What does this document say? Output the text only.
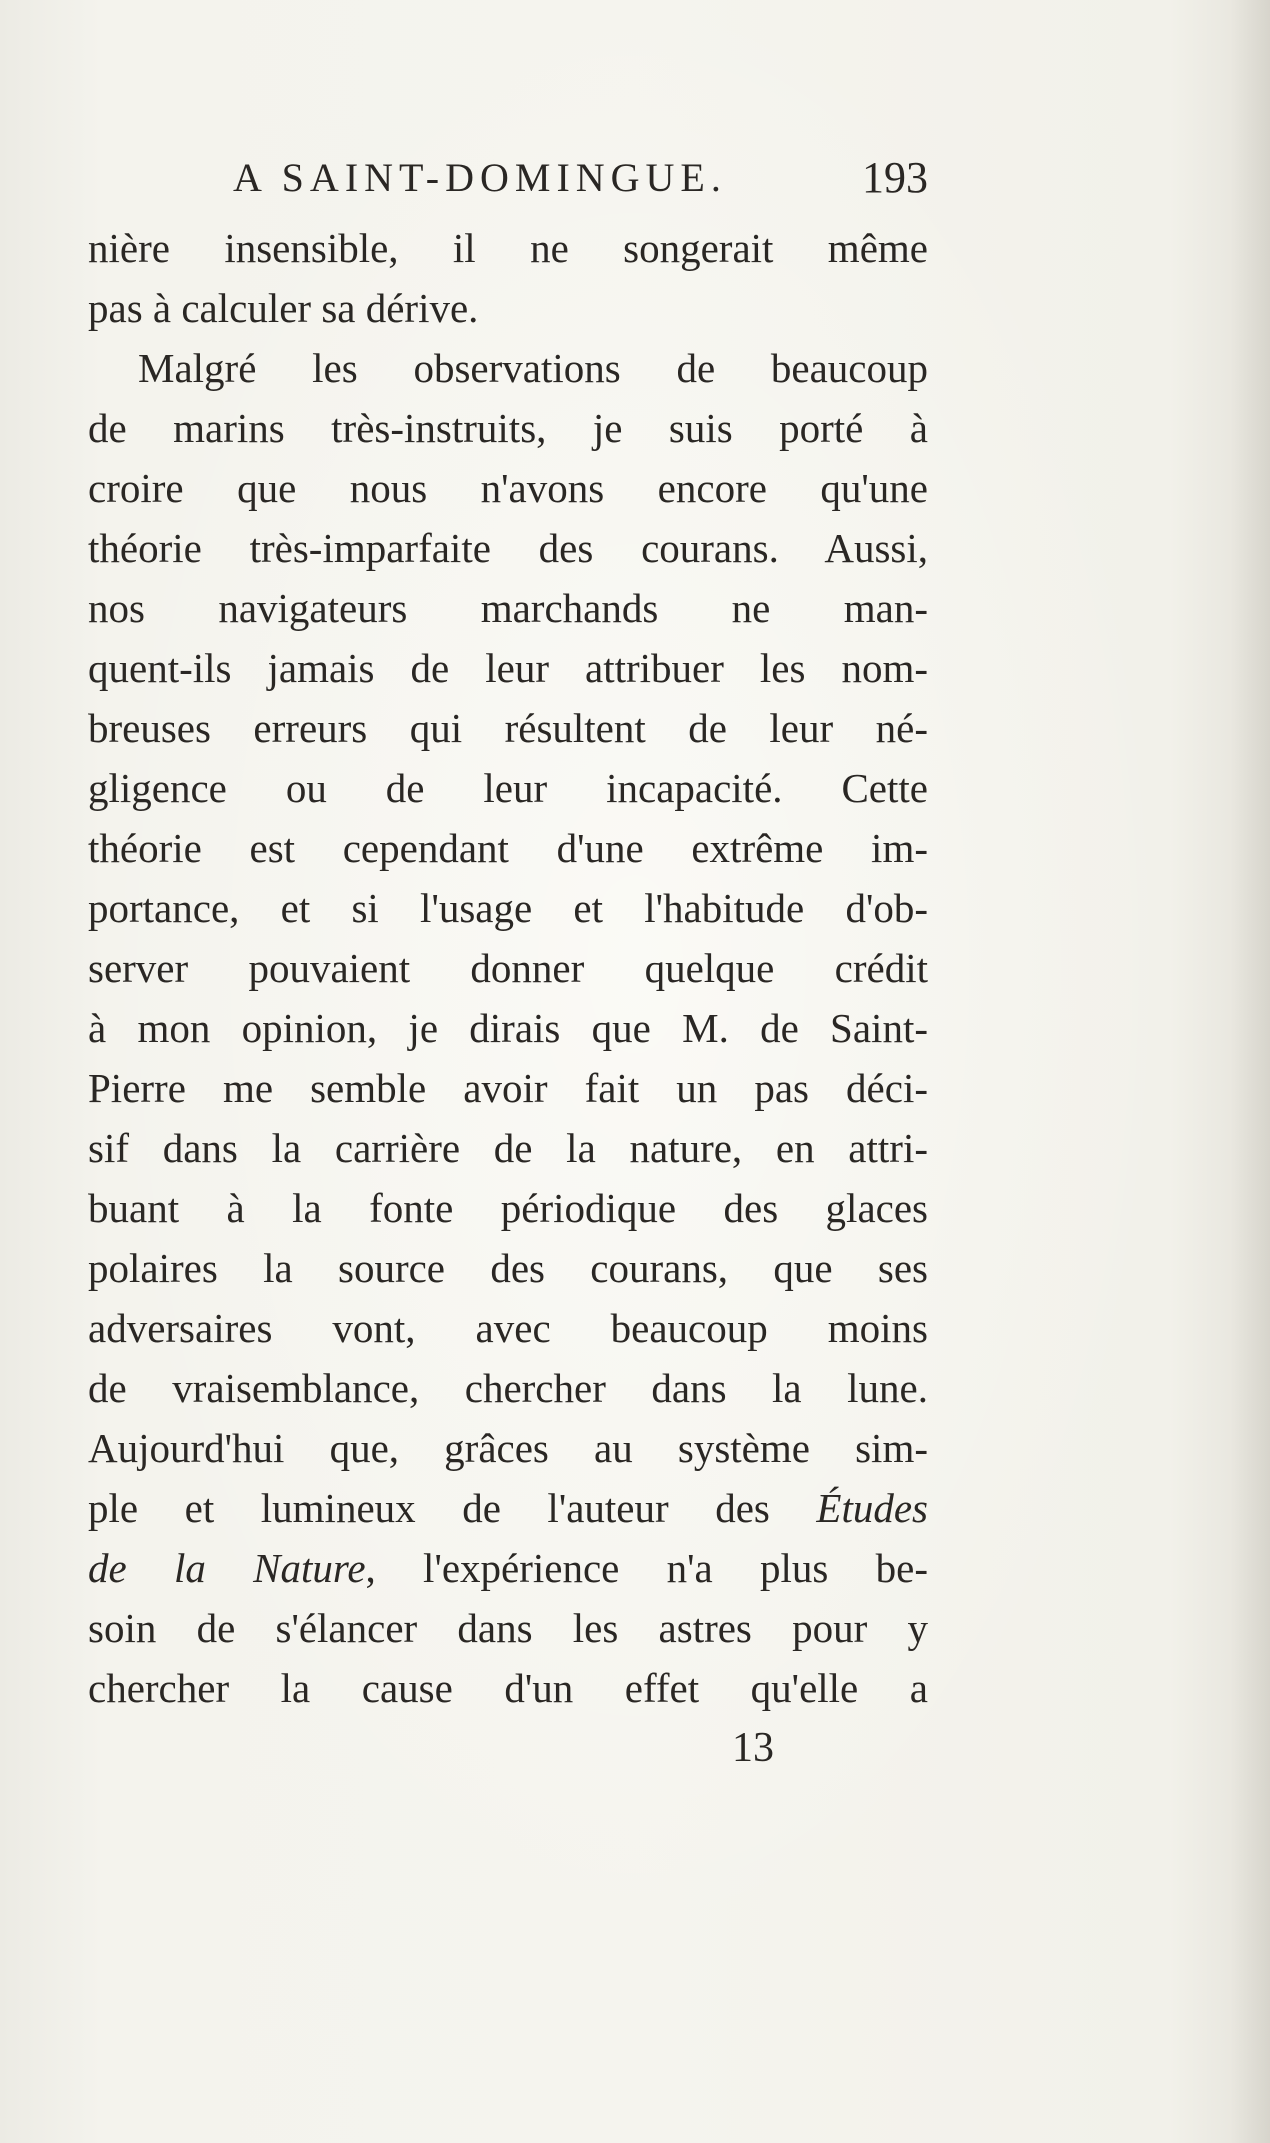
A SAINT-DOMINGUE.	193
nière insensible, il ne songerait même
pas à calculer sa dérive.
Malgré les observations de beaucoup
de marins très-instruits, je suis porté à
croire que nous n'avons encore qu'une
théorie très-imparfaite des courans. Aussi,
nos navigateurs marchands ne man-
quent-ils jamais de leur attribuer les nom-
breuses erreurs qui résultent de leur né-
gligence ou de leur incapacité. Cette
théorie est cependant d'une extrême im-
portance, et si l'usage et l'habitude d'ob-
server pouvaient donner quelque crédit
à mon opinion, je dirais que M. de Saint-
Pierre me semble avoir fait un pas déci-
sif dans la carrière de la nature, en attri-
buant à la fonte périodique des glaces
polaires la source des courans, que ses
adversaires vont, avec beaucoup moins
de vraisemblance, chercher dans la lune.
Aujourd'hui que, grâces au système sim-
ple et lumineux de l'auteur des Études
de la Nature, l'expérience n'a plus be-
soin de s'élancer dans les astres pour y
chercher la cause d'un effet qu'elle a
13
